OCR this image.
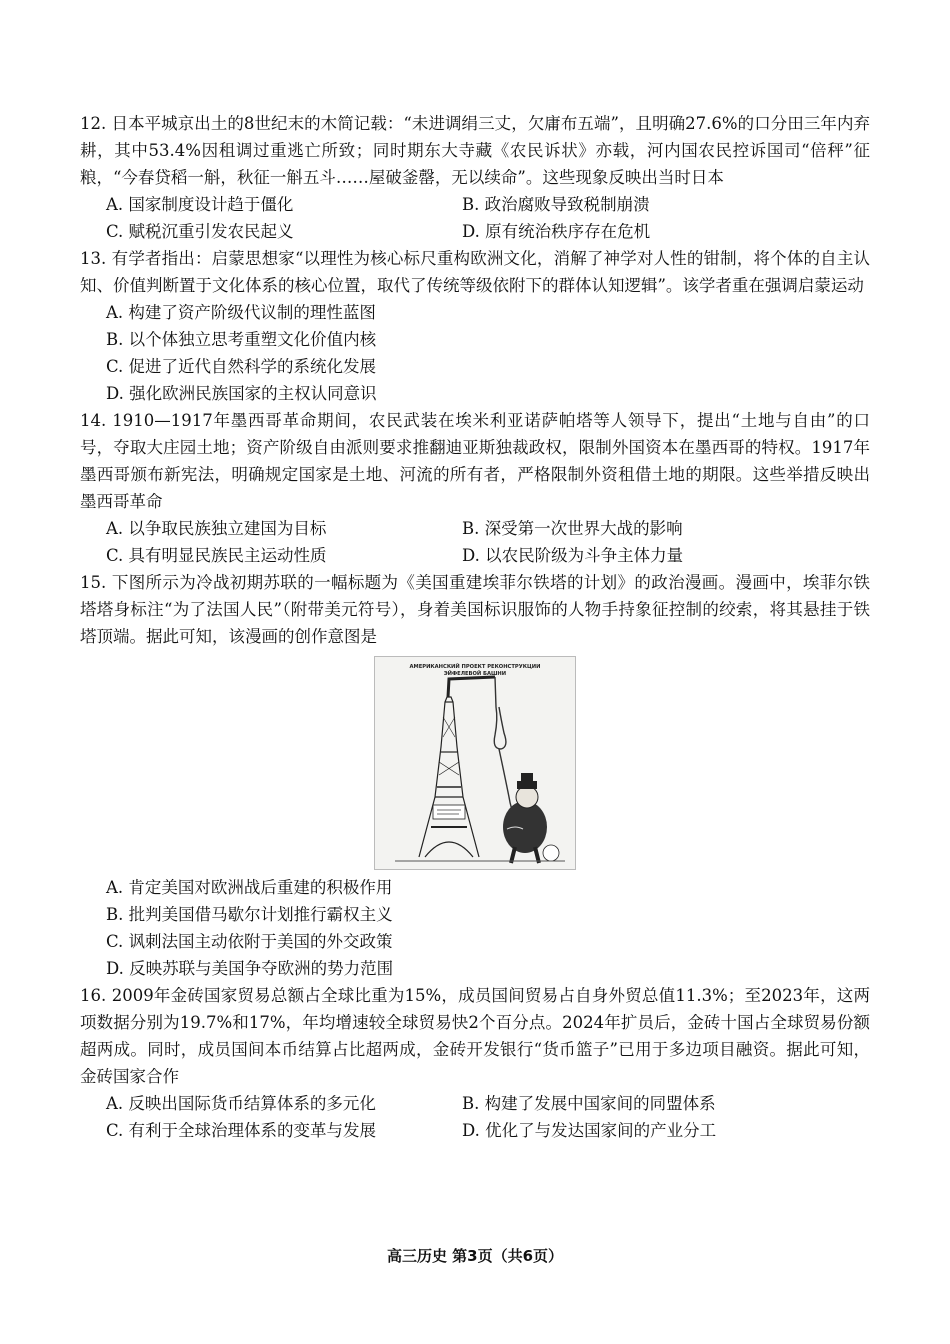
12. 日本平城京出土的8世纪末的木简记载：“未进调绢三丈，欠庸布五端”，且明确27.6%的口分田三年内弃耕，其中53.4%因租调过重逃亡所致；同时期东大寺藏《农民诉状》亦载，河内国农民控诉国司“倍秤”征粮，“今春贷稻一斛，秋征一斛五斗……屋破釜罄，无以续命”。这些现象反映出当时日本

A. 国家制度设计趋于僵化	B. 政治腐败导致税制崩溃
C. 赋税沉重引发农民起义	D. 原有统治秩序存在危机

13. 有学者指出：启蒙思想家“以理性为核心标尺重构欧洲文化，消解了神学对人性的钳制，将个体的自主认知、价值判断置于文化体系的核心位置，取代了传统等级依附下的群体认知逻辑”。该学者重在强调启蒙运动

A. 构建了资产阶级代议制的理性蓝图
B. 以个体独立思考重塑文化价值内核
C. 促进了近代自然科学的系统化发展
D. 强化欧洲民族国家的主权认同意识

14. 1910—1917年墨西哥革命期间，农民武装在埃米利亚诺萨帕塔等人领导下，提出“土地与自由”的口号，夺取大庄园土地；资产阶级自由派则要求推翻迪亚斯独裁政权，限制外国资本在墨西哥的特权。1917年墨西哥颁布新宪法，明确规定国家是土地、河流的所有者，严格限制外资租借土地的期限。这些举措反映出墨西哥革命

A. 以争取民族独立建国为目标	B. 深受第一次世界大战的影响
C. 具有明显民族民主运动性质	D. 以农民阶级为斗争主体力量

15. 下图所示为冷战初期苏联的一幅标题为《美国重建埃菲尔铁塔的计划》的政治漫画。漫画中，埃菲尔铁塔塔身标注“为了法国人民”（附带美元符号），身着美国标识服饰的人物手持象征控制的绞索，将其悬挂于铁塔顶端。据此可知，该漫画的创作意图是

АМЕРИКАНСКИЙ ПРОЕКТ РЕКОНСТРУКЦИИ
ЭЙФЕЛЕВОЙ БАШНИ
A. 肯定美国对欧洲战后重建的积极作用
B. 批判美国借马歇尔计划推行霸权主义
C. 讽刺法国主动依附于美国的外交政策
D. 反映苏联与美国争夺欧洲的势力范围

16. 2009年金砖国家贸易总额占全球比重为15%，成员国间贸易占自身外贸总值11.3%；至2023年，这两项数据分别为19.7%和17%，年均增速较全球贸易快2个百分点。2024年扩员后，金砖十国占全球贸易份额超两成。同时，成员国间本币结算占比超两成，金砖开发银行“货币篮子”已用于多边项目融资。据此可知，金砖国家合作

A. 反映出国际货币结算体系的多元化	B. 构建了发展中国家间的同盟体系
C. 有利于全球治理体系的变革与发展	D. 优化了与发达国家间的产业分工
高三历史 第3页（共6页）
